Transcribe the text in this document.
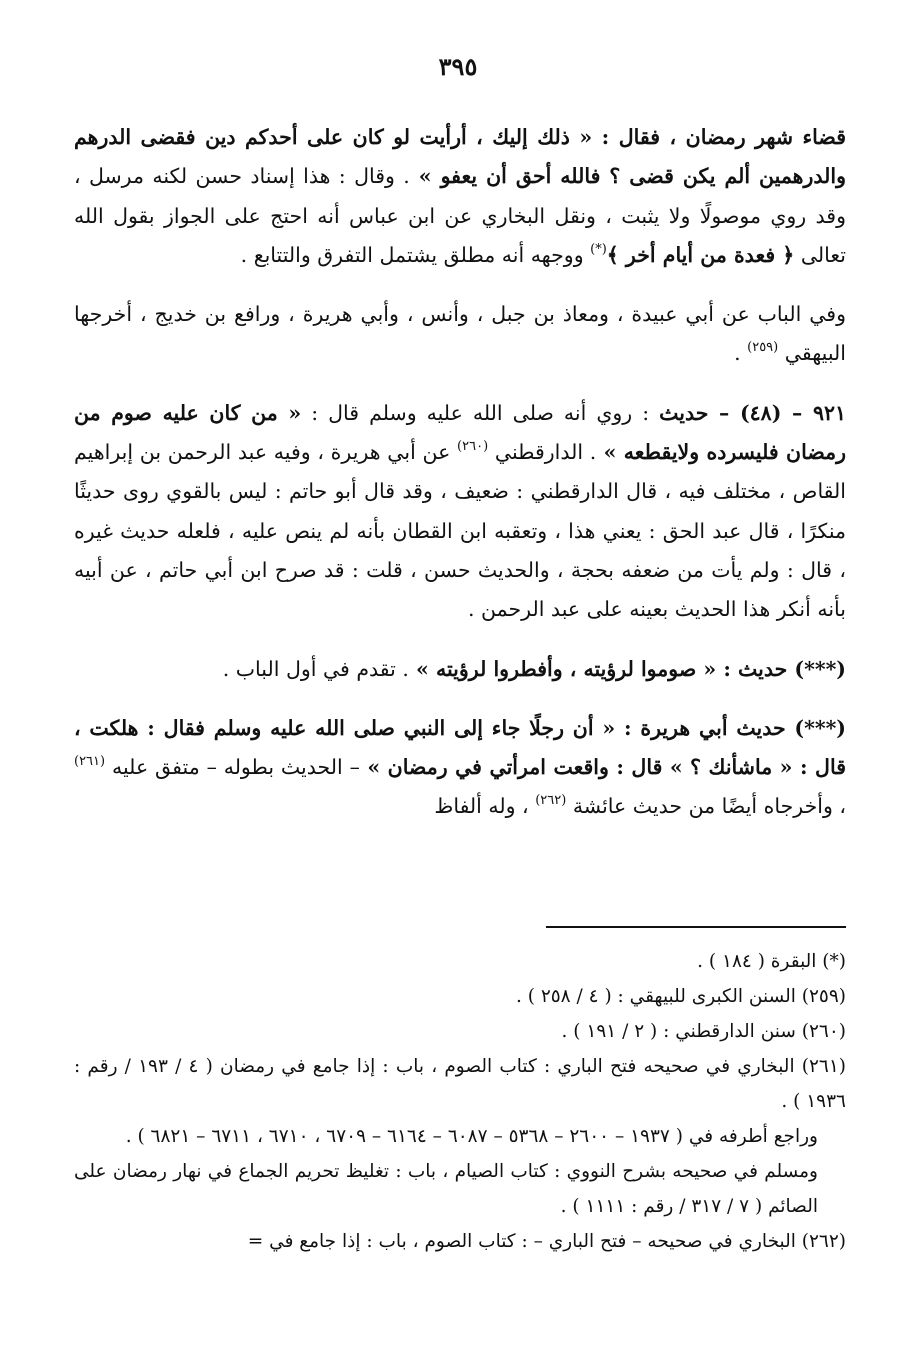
٣٩٥

قضاء شهر رمضان ، فقال : « ذلك إليك ، أرأيت لو كان على أحدكم دين فقضى الدرهم والدرهمين ألم يكن قضى ؟ فالله أحق أن يعفو » . وقال : هذا إسناد حسن لكنه مرسل ، وقد روي موصولًا ولا يثبت ، ونقل البخاري عن ابن عباس أنه احتج على الجواز بقول الله تعالى ﴿ فعدة من أيام أخر ﴾(*) ووجهه أنه مطلق يشتمل التفرق والتتابع .

وفي الباب عن أبي عبيدة ، ومعاذ بن جبل ، وأنس ، وأبي هريرة ، ورافع بن خديج ، أخرجها البيهقي $^{(٢٥٩)}$ .

٩٢١ – (٤٨) – حديث : روي أنه صلى الله عليه وسلم قال : « من كان عليه صوم من رمضان فليسرده ولايقطعه » . الدارقطني $^{(٢٦٠)}$ عن أبي هريرة ، وفيه عبد الرحمن بن إبراهيم القاص ، مختلف فيه ، قال الدارقطني : ضعيف ، وقد قال أبو حاتم : ليس بالقوي روى حديثًا منكرًا ، قال عبد الحق : يعني هذا ، وتعقبه ابن القطان بأنه لم ينص عليه ، فلعله حديث غيره ، قال : ولم يأت من ضعفه بحجة ، والحديث حسن ، قلت : قد صرح ابن أبي حاتم ، عن أبيه بأنه أنكر هذا الحديث بعينه على عبد الرحمن .

(***) حديث : « صوموا لرؤيته ، وأفطروا لرؤيته » . تقدم في أول الباب .

(***) حديث أبي هريرة : « أن رجلًا جاء إلى النبي صلى الله عليه وسلم فقال : هلكت ، قال : « ماشأنك ؟ » قال : واقعت امرأتي في رمضان » – الحديث بطوله – متفق عليه $^{(٢٦١)}$ ، وأخرجاه أيضًا من حديث عائشة $^{(٢٦٢)}$ ، وله ألفاظ

(*) البقرة ( ١٨٤ ) .

(٢٥٩) السنن الكبرى للبيهقي : ( ٤ / ٢٥٨ ) .

(٢٦٠) سنن الدارقطني : ( ٢ / ١٩١ ) .

(٢٦١) البخاري في صحيحه فتح الباري : كتاب الصوم ، باب : إذا جامع في رمضان ( ٤ / ١٩٣ / رقم : ١٩٣٦ ) .

وراجع أطرفه في ( ١٩٣٧ – ٢٦٠٠ – ٥٣٦٨ – ٦٠٨٧ – ٦١٦٤ – ٦٧٠٩ ، ٦٧١٠ ، ٦٧١١ – ٦٨٢١ ) .

ومسلم في صحيحه بشرح النووي : كتاب الصيام ، باب : تغليظ تحريم الجماع في نهار رمضان على الصائم ( ٧ / ٣١٧ / رقم : ١١١١ ) .

(٢٦٢) البخاري في صحيحه – فتح الباري – : كتاب الصوم ، باب : إذا جامع في =
